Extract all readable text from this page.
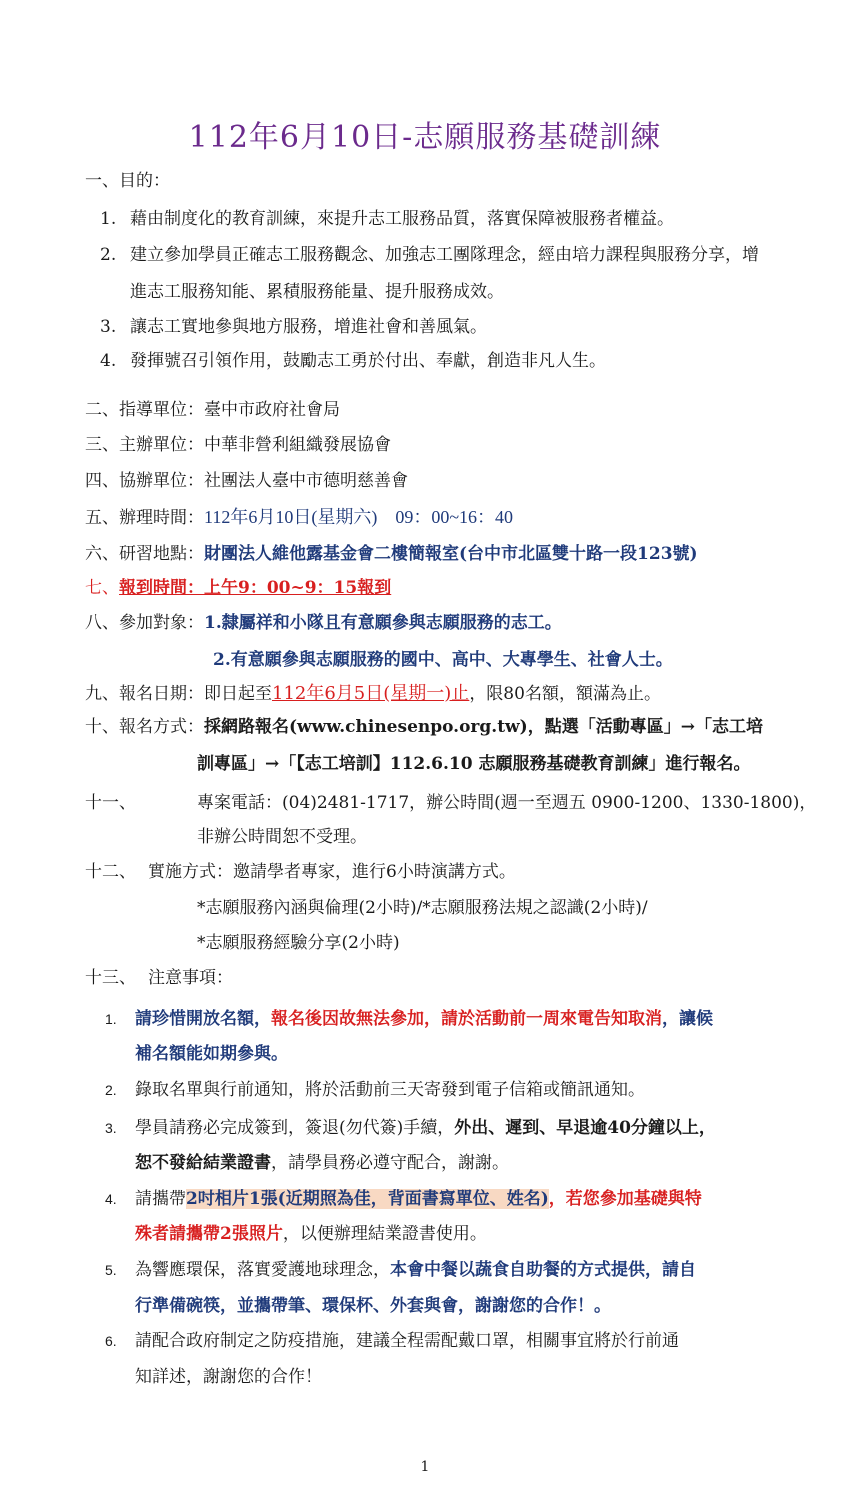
112年6月10日-志願服務基礎訓練
一、目的：
1. 藉由制度化的教育訓練，來提升志工服務品質，落實保障被服務者權益。
2. 建立參加學員正確志工服務觀念、加強志工團隊理念，經由培力課程與服務分享，增
進志工服務知能、累積服務能量、提升服務成效。
3. 讓志工實地參與地方服務，增進社會和善風氣。
4. 發揮號召引領作用，鼓勵志工勇於付出、奉獻，創造非凡人生。
二、指導單位：臺中市政府社會局
三、主辦單位：中華非營利組織發展協會
四、協辦單位：社團法人臺中市德明慈善會
五、辦理時間：112年6月10日(星期六)　09：00~16：40
六、研習地點：財團法人維他露基金會二樓簡報室(台中市北區雙十路一段123號)
七、報到時間：上午9：00~9：15報到
八、參加對象：1.隸屬祥和小隊且有意願參與志願服務的志工。
2.有意願參與志願服務的國中、高中、大專學生、社會人士。
九、報名日期：即日起至112年6月5日(星期一)止，限80名額，額滿為止。
十、報名方式：採網路報名(www.chinesenpo.org.tw)，點選「活動專區」→「志工培
訓專區」→「【志工培訓】112.6.10 志願服務基礎教育訓練」進行報名。
十一、	專案電話：(04)2481-1717，辦公時間(週一至週五 0900-1200、1330-1800)，
非辦公時間恕不受理。
十二、 實施方式：邀請學者專家，進行6小時演講方式。
*志願服務內涵與倫理(2小時)/*志願服務法規之認識(2小時)/
*志願服務經驗分享(2小時)
十三、 注意事項：
1. 請珍惜開放名額，報名後因故無法參加，請於活動前一周來電告知取消，讓候
補名額能如期參與。
2. 錄取名單與行前通知，將於活動前三天寄發到電子信箱或簡訊通知。
3. 學員請務必完成簽到，簽退(勿代簽)手續，外出、遲到、早退逾40分鐘以上，
恕不發給結業證書，請學員務必遵守配合，謝謝。
4. 請攜帶2吋相片1張(近期照為佳，背面書寫單位、姓名)，若您參加基礎與特
殊者請攜帶2張照片，以便辦理結業證書使用。
5. 為響應環保，落實愛護地球理念，本會中餐以蔬食自助餐的方式提供，請自
行準備碗筷，並攜帶筆、環保杯、外套與會，謝謝您的合作！。
6. 請配合政府制定之防疫措施，建議全程需配戴口罩，相關事宜將於行前通
知詳述，謝謝您的合作！
1
